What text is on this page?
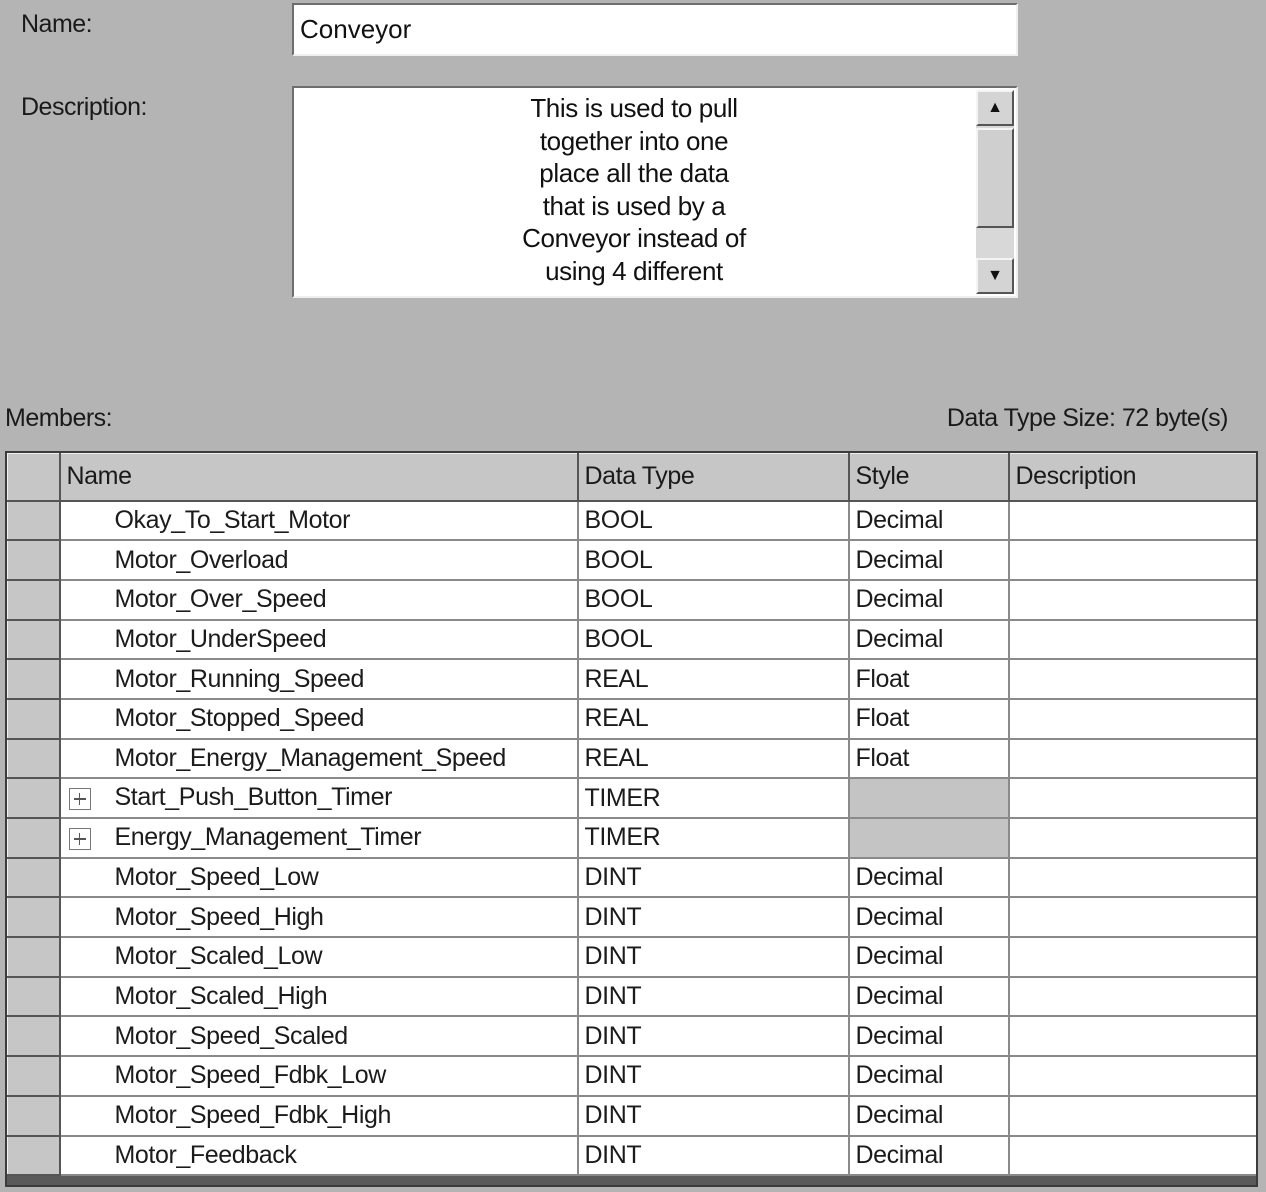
Name:
Conveyor
Description:	This is used to pull
together into one
place all the data
that is used by a
Conveyor instead of
using 4 different
▲
▼
Members:	Data Type Size: 72 byte(s)
	Name	Data Type	Style	Description
	Okay_To_Start_Motor	BOOL	Decimal	
	Motor_Overload	BOOL	Decimal	
	Motor_Over_Speed	BOOL	Decimal	
	Motor_UnderSpeed	BOOL	Decimal	
	Motor_Running_Speed	REAL	Float	
	Motor_Stopped_Speed	REAL	Float	
	Motor_Energy_Management_Speed	REAL	Float	
	Start_Push_Button_Timer	TIMER		
	Energy_Management_Timer	TIMER		
	Motor_Speed_Low	DINT	Decimal	
	Motor_Speed_High	DINT	Decimal	
	Motor_Scaled_Low	DINT	Decimal	
	Motor_Scaled_High	DINT	Decimal	
	Motor_Speed_Scaled	DINT	Decimal	
	Motor_Speed_Fdbk_Low	DINT	Decimal	
	Motor_Speed_Fdbk_High	DINT	Decimal	
	Motor_Feedback	DINT	Decimal	
